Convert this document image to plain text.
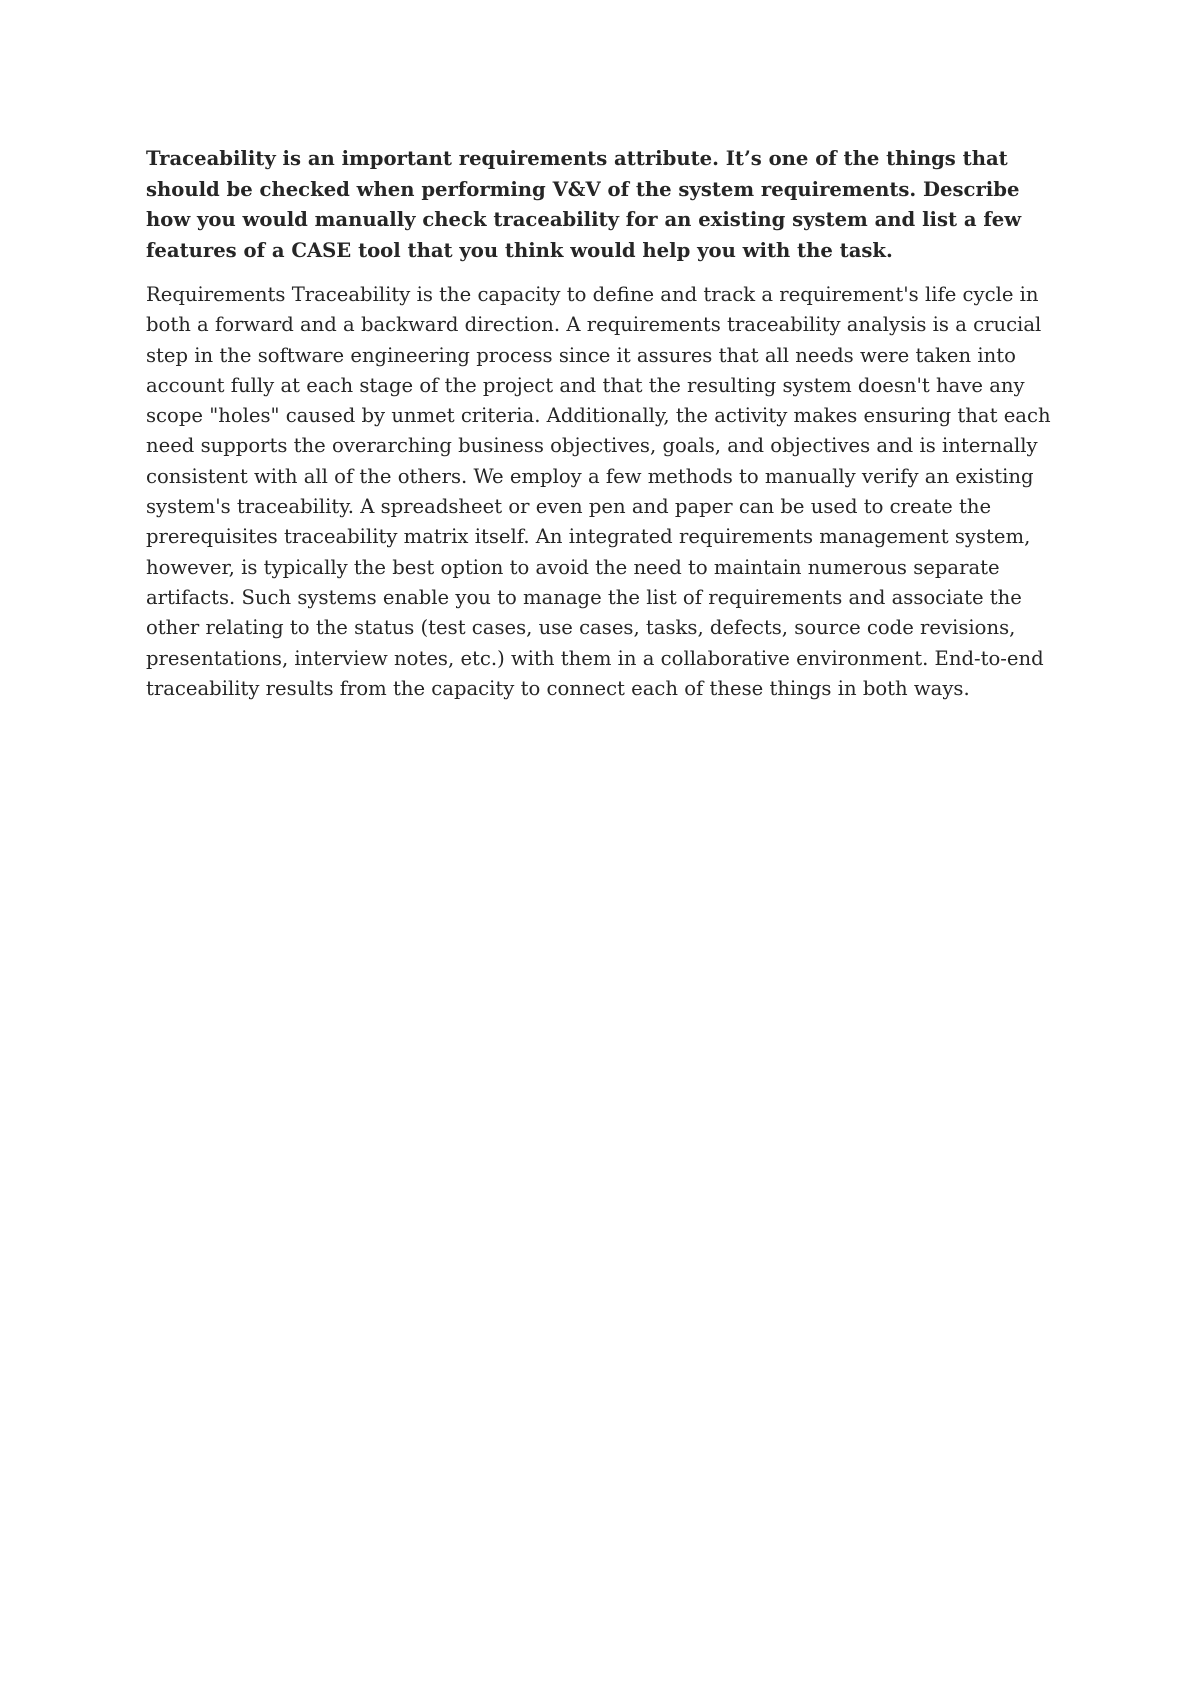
Traceability is an important requirements attribute. It’s one of the things that should be checked when performing V&V of the system requirements. Describe how you would manually check traceability for an existing system and list a few features of a CASE tool that you think would help you with the task.

Requirements Traceability is the capacity to define and track a requirement's life cycle in both a forward and a backward direction. A requirements traceability analysis is a crucial step in the software engineering process since it assures that all needs were taken into account fully at each stage of the project and that the resulting system doesn't have any scope "holes" caused by unmet criteria. Additionally, the activity makes ensuring that each need supports the overarching business objectives, goals, and objectives and is internally consistent with all of the others. We employ a few methods to manually verify an existing system's traceability. A spreadsheet or even pen and paper can be used to create the prerequisites traceability matrix itself. An integrated requirements management system, however, is typically the best option to avoid the need to maintain numerous separate artifacts. Such systems enable you to manage the list of requirements and associate the other relating to the status (test cases, use cases, tasks, defects, source code revisions, presentations, interview notes, etc.) with them in a collaborative environment. End-to-end traceability results from the capacity to connect each of these things in both ways.
